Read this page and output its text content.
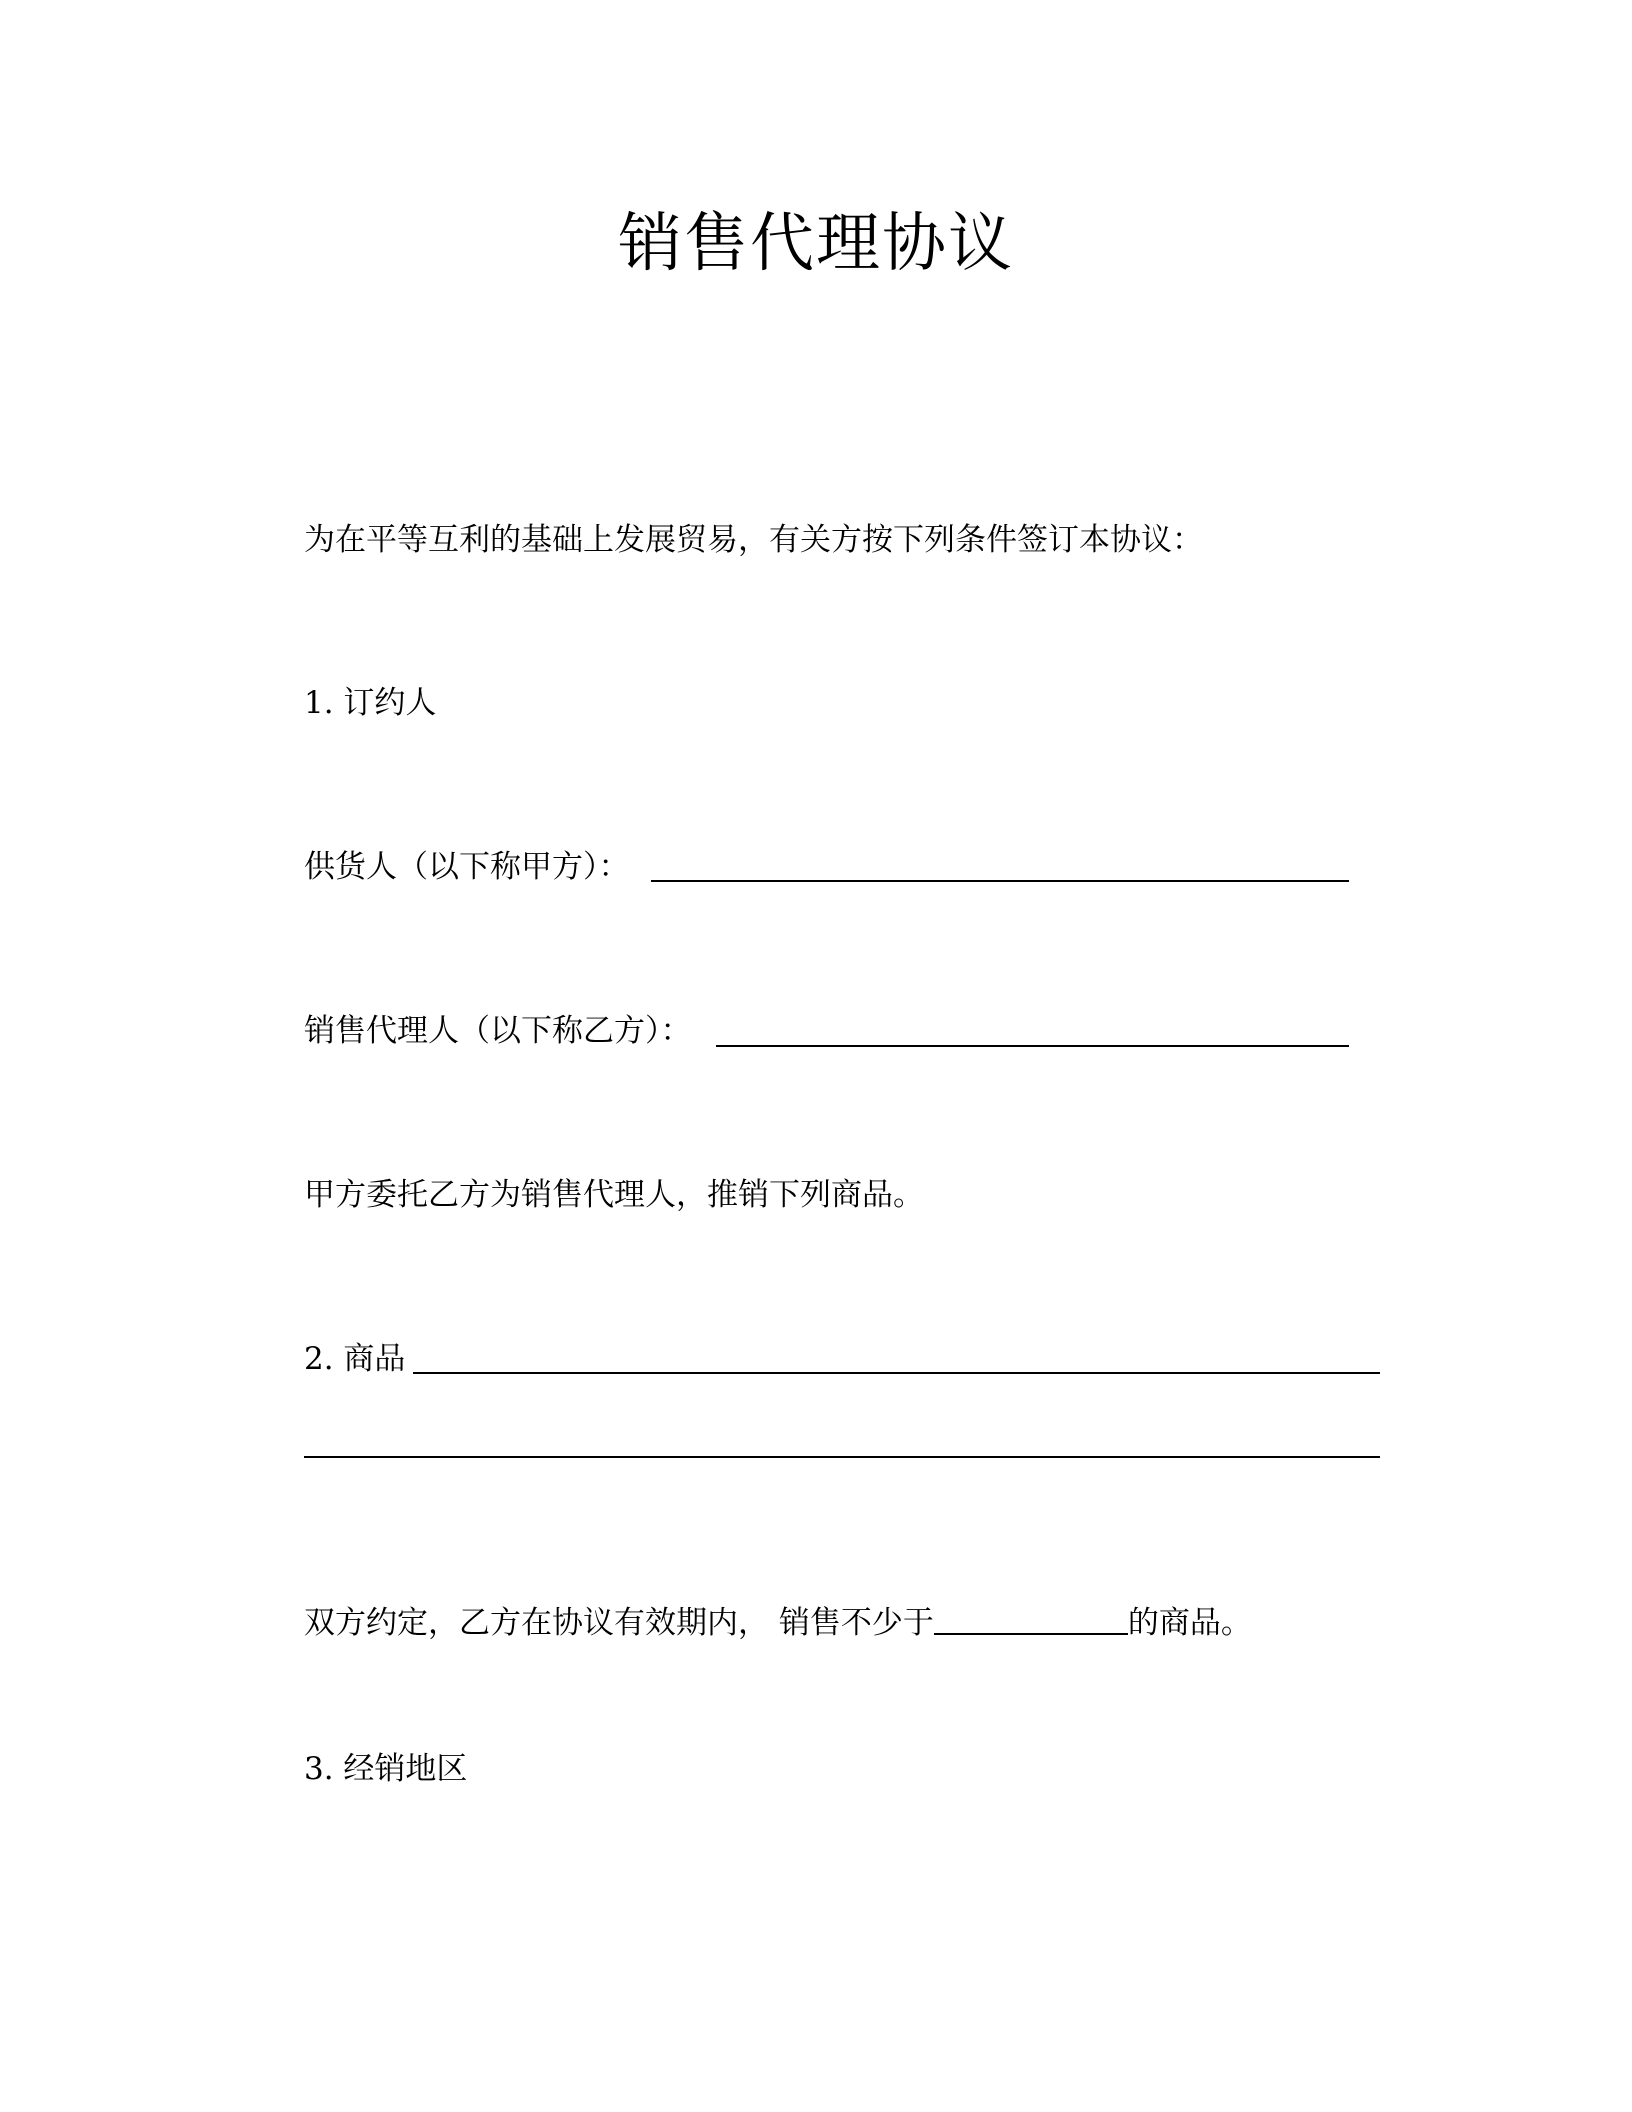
销售代理协议
为在平等互利的基础上发展贸易，有关方按下列条件签订本协议：
1. 订约人
供货人（以下称甲方）：
销售代理人（以下称乙方）：
甲方委托乙方为销售代理人，推销下列商品。
2. 商品
双方约定，乙方在协议有效期内， 销售不少于	的商品。
3. 经销地区
